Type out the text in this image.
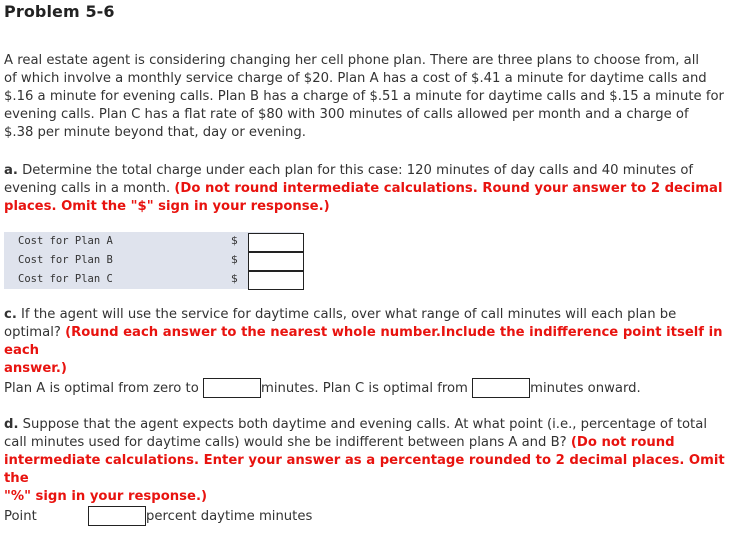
Problem 5-6
A real estate agent is considering changing her cell phone plan. There are three plans to choose from, all
of which involve a monthly service charge of $20. Plan A has a cost of $.41 a minute for daytime calls and
$.16 a minute for evening calls. Plan B has a charge of $.51 a minute for daytime calls and $.15 a minute for
evening calls. Plan C has a flat rate of $80 with 300 minutes of calls allowed per month and a charge of
$.38 per minute beyond that, day or evening.
a. Determine the total charge under each plan for this case: 120 minutes of day calls and 40 minutes of
evening calls in a month. (Do not round intermediate calculations. Round your answer to 2 decimal
places. Omit the "$" sign in your response.)
Cost for Plan A	$
Cost for Plan B	$
Cost for Plan C	$
c. If the agent will use the service for daytime calls, over what range of call minutes will each plan be
optimal? (Round each answer to the nearest whole number.Include the indifference point itself in each
answer.)
Plan A is optimal from zero to	minutes. Plan C is optimal from	minutes onward.
d. Suppose that the agent expects both daytime and evening calls. At what point (i.e., percentage of total
call minutes used for daytime calls) would she be indifferent between plans A and B? (Do not round
intermediate calculations. Enter your answer as a percentage rounded to 2 decimal places. Omit the
"%" sign in your response.)
Point	percent daytime minutes
